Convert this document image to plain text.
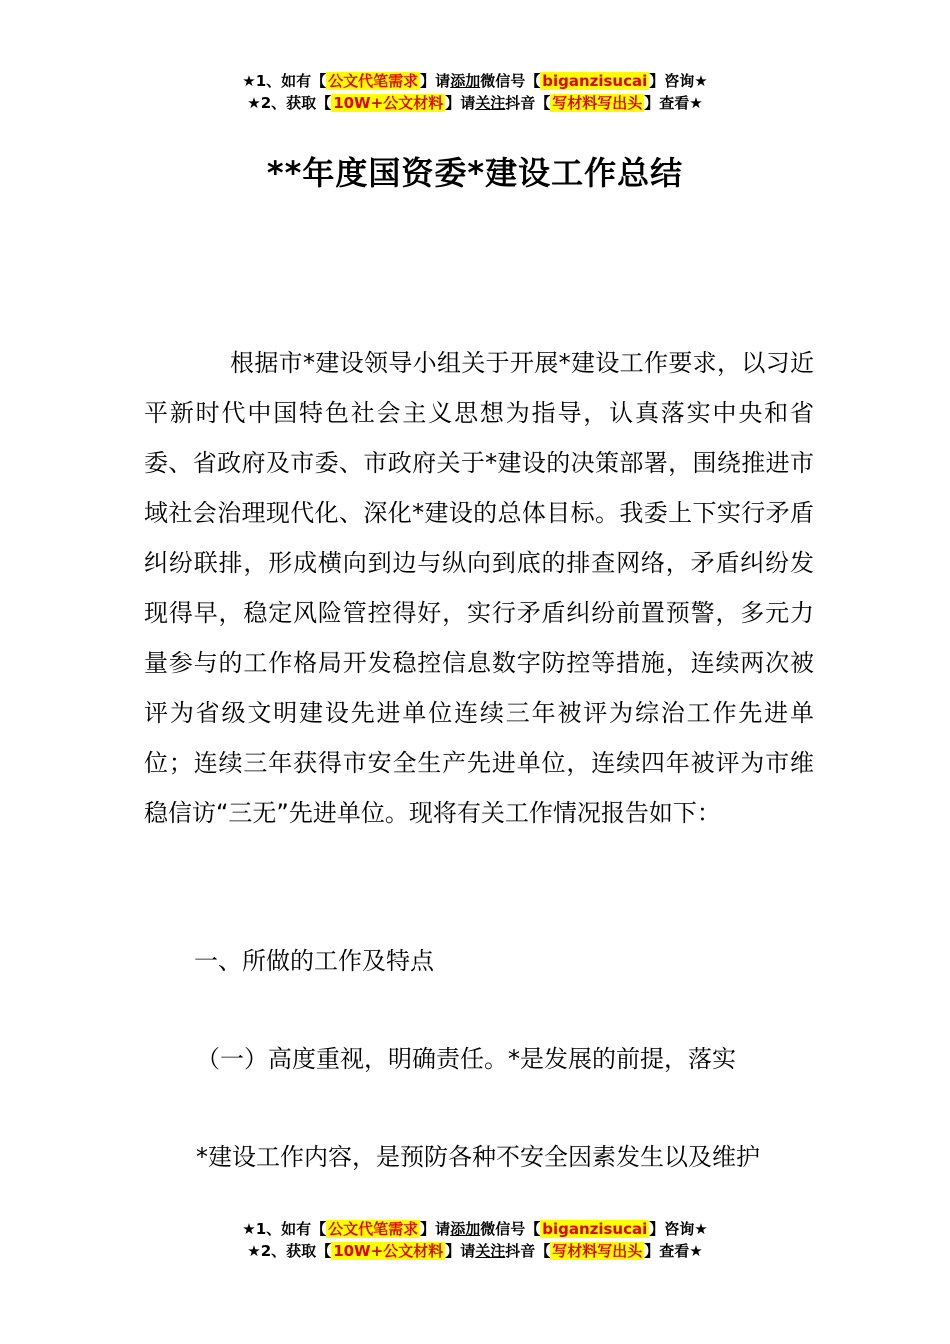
★1、如有【 公文代笔需求 】请添加微信号【 biganzisucai 】咨询★
★2、获取【 10W+公文材料 】请关注抖音【 写材料写出头 】查看★
**年度国资委*建设工作总结

根据市*建设领导小组关于开展*建设工作要求，以习近平新时代中国特色社会主义思想为指导，认真落实中央和省委、省政府及市委、市政府关于*建设的决策部署，围绕推进市域社会治理现代化、深化*建设的总体目标。我委上下实行矛盾纠纷联排，形成横向到边与纵向到底的排查网络，矛盾纠纷发现得早，稳定风险管控得好，实行矛盾纠纷前置预警，多元力量参与的工作格局开发稳控信息数字防控等措施，连续两次被评为省级文明建设先进单位连续三年被评为综治工作先进单位；连续三年获得市安全生产先进单位，连续四年被评为市维稳信访“三无”先进单位。现将有关工作情况报告如下：

一、所做的工作及特点

（一）高度重视，明确责任。*是发展的前提，落实

*建设工作内容，是预防各种不安全因素发生以及维护

★1、如有【 公文代笔需求 】请添加微信号【 biganzisucai 】咨询★
★2、获取【 10W+公文材料 】请关注抖音【 写材料写出头 】查看★
